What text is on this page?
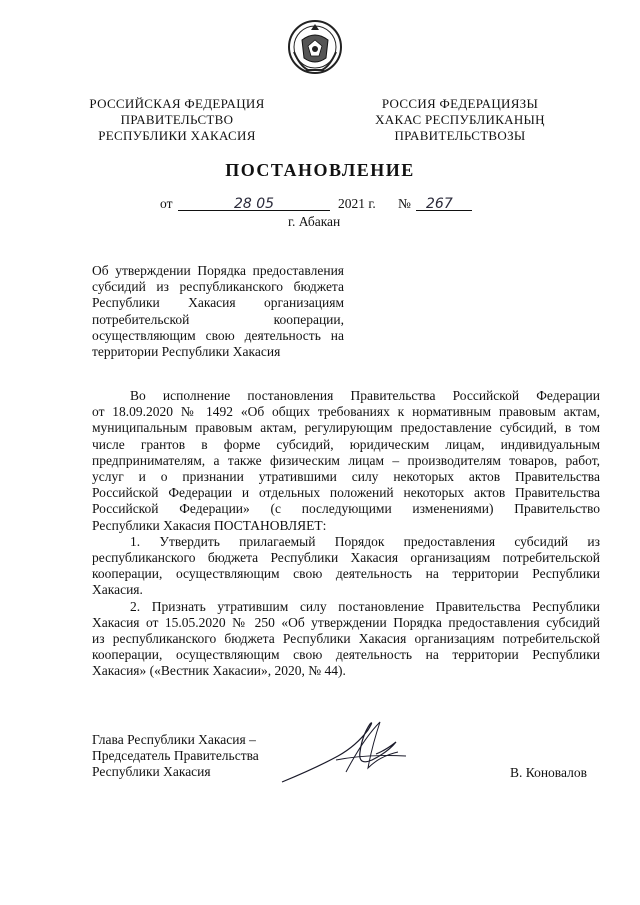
РОССИЙСКАЯ ФЕДЕРАЦИЯ
ПРАВИТЕЛЬСТВО
РЕСПУБЛИКИ ХАКАСИЯ
РОССИЯ ФЕДЕРАЦИЯЗЫ
ХАКАС РЕСПУБЛИКАНЫҢ
ПРАВИТЕЛЬСТВОЗЫ
ПОСТАНОВЛЕНИЕ
от	28 05	2021 г. № 267
г. Абакан
Об утверждении Порядка предоставления
субсидий из республиканского бюджета
Республики Хакасия организациям
потребительской кооперации,
осуществляющим свою деятельность на
территории Республики Хакасия
Во исполнение постановления Правительства Российской Федерации
от 18.09.2020 № 1492 «Об общих требованиях к нормативным правовым актам,
муниципальным правовым актам, регулирующим предоставление субсидий, в том
числе грантов в форме субсидий, юридическим лицам, индивидуальным
предпринимателям, а также физическим лицам – производителям товаров, работ,
услуг и о признании утратившими силу некоторых актов Правительства
Российской Федерации и отдельных положений некоторых актов Правительства
Российской Федерации» (с последующими изменениями) Правительство
Республики Хакасия ПОСТАНОВЛЯЕТ:
1. Утвердить прилагаемый Порядок предоставления субсидий из
республиканского бюджета Республики Хакасия организациям потребительской
кооперации, осуществляющим свою деятельность на территории Республики
Хакасия.
2. Признать утратившим силу постановление Правительства Республики
Хакасия от 15.05.2020 № 250 «Об утверждении Порядка предоставления субсидий
из республиканского бюджета Республики Хакасия организациям потребительской
кооперации, осуществляющим свою деятельность на территории Республики
Хакасия» («Вестник Хакасии», 2020, № 44).
Глава Республики Хакасия –
Председатель Правительства
Республики Хакасия	В. Коновалов
